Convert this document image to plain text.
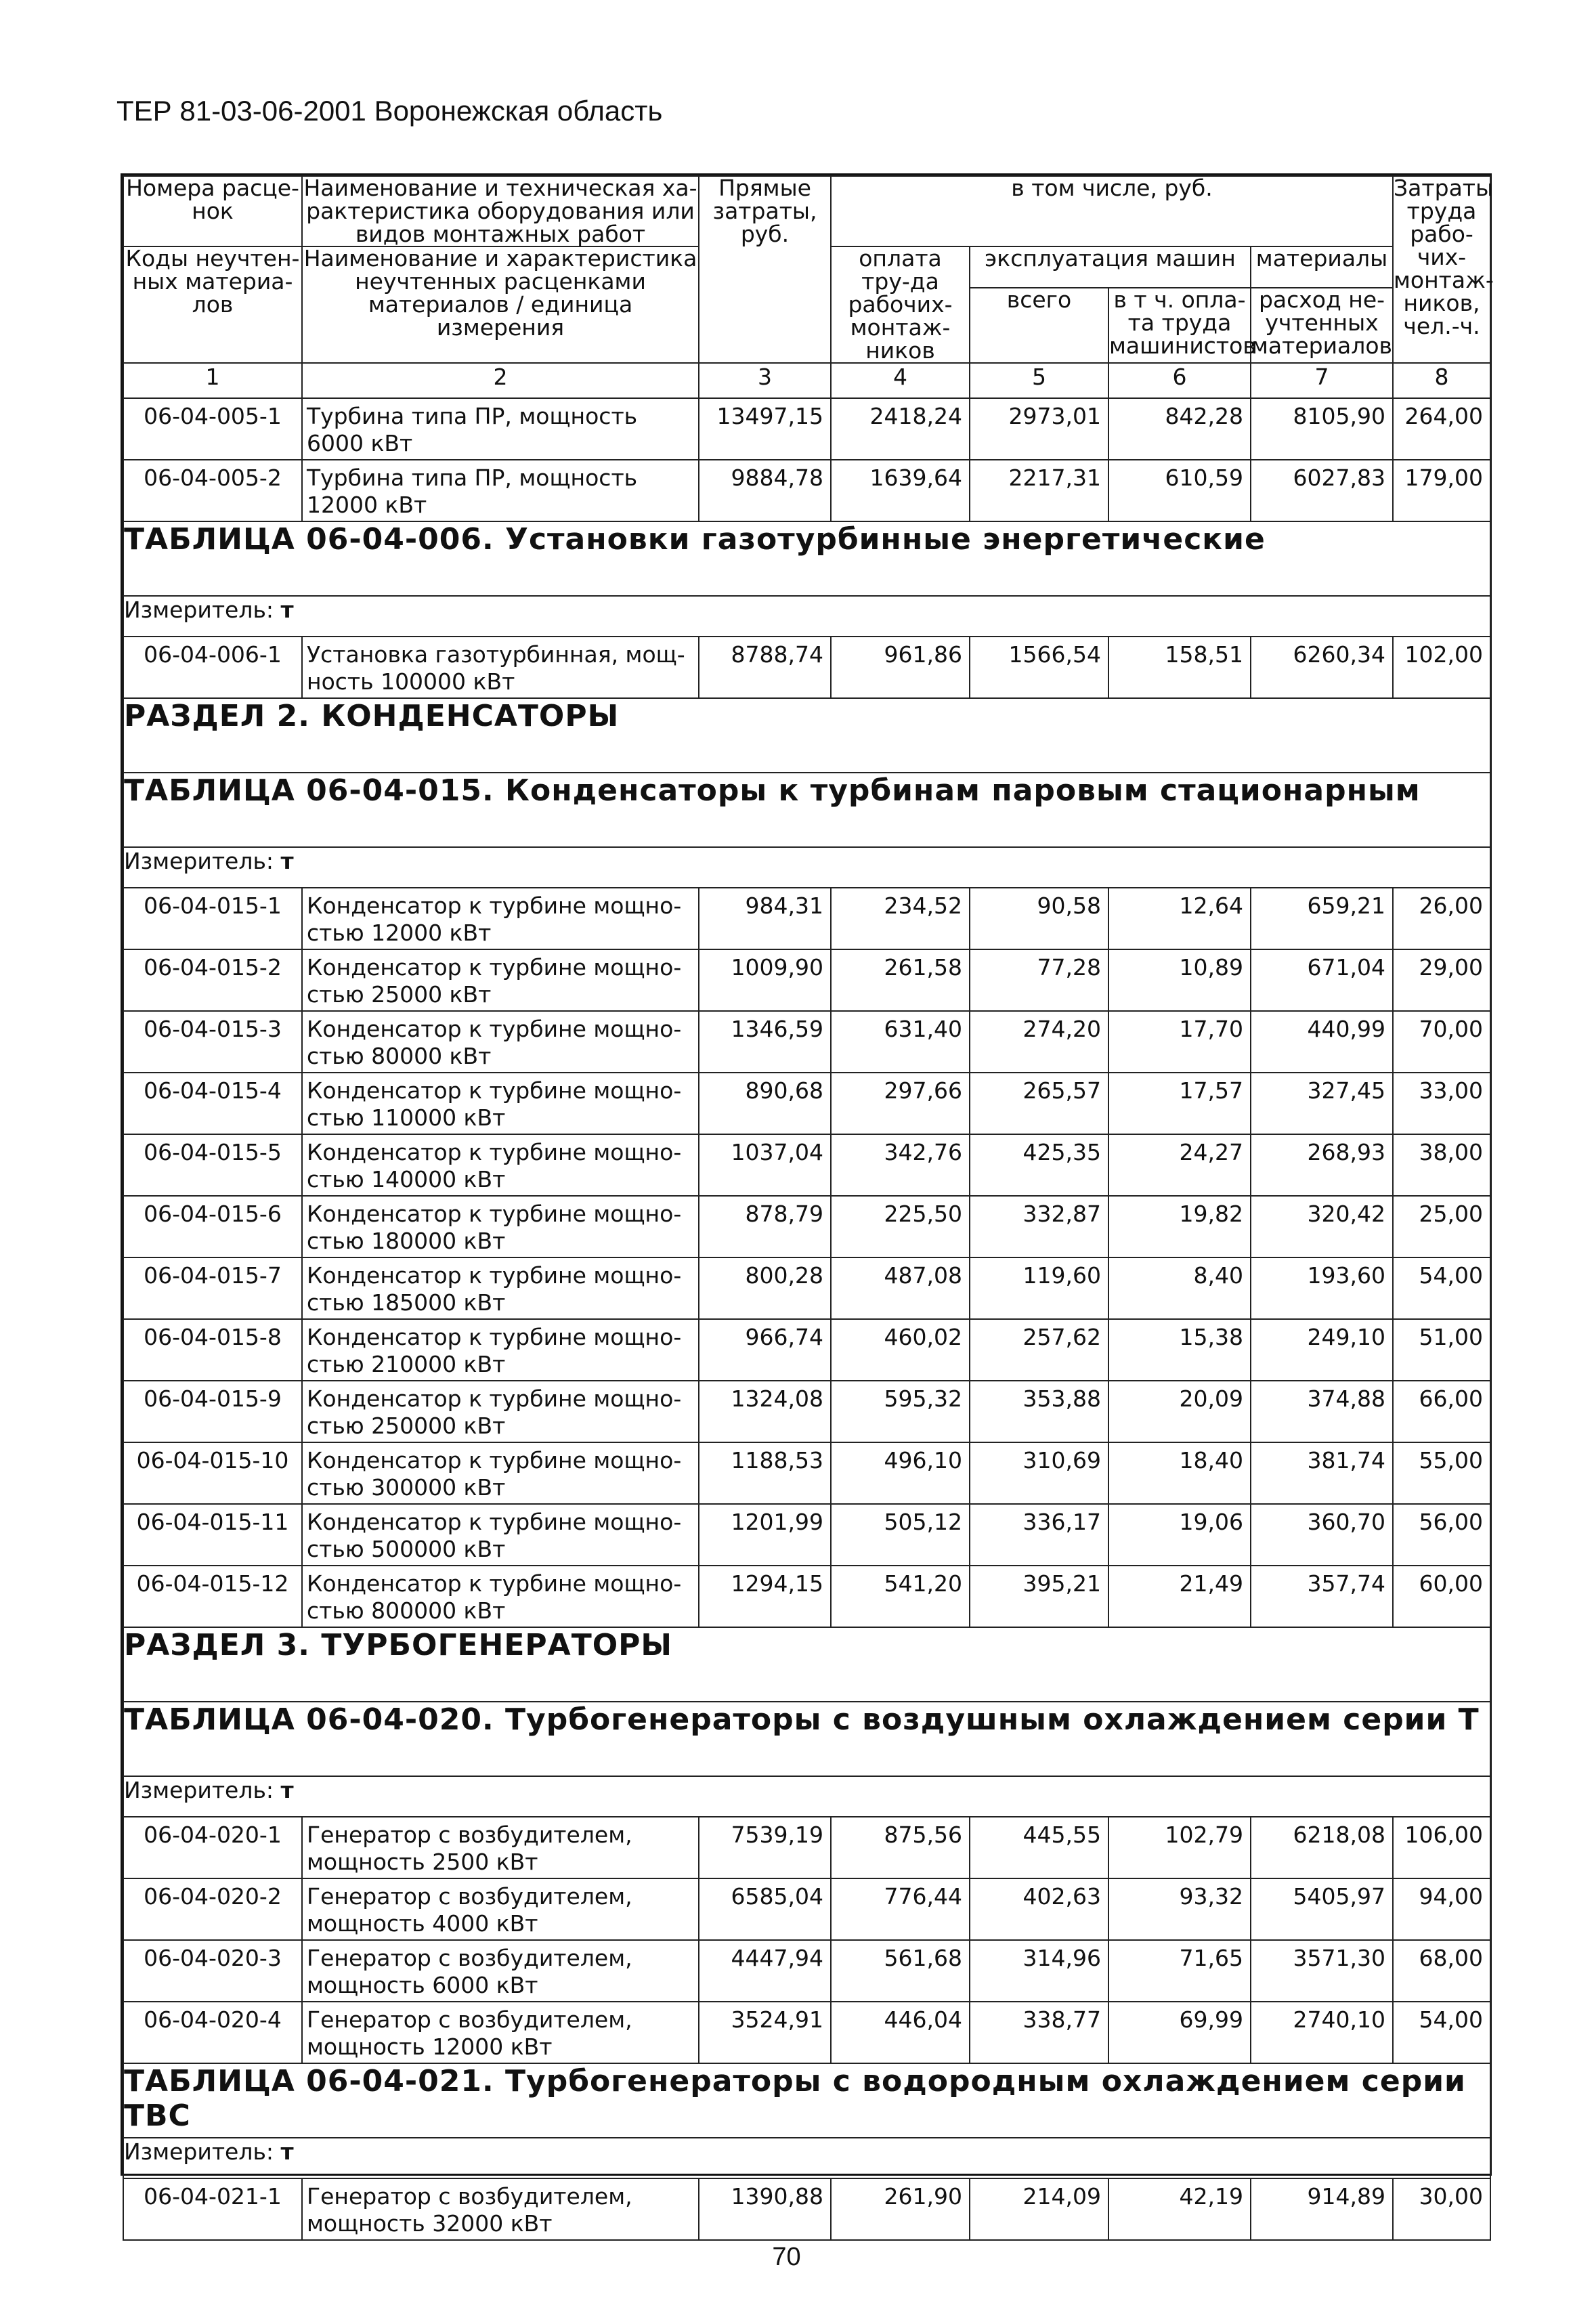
ТЕР 81-03-06-2001 Воронежская область
Номера расце-нок	Наименование и техническая ха-рактеристика оборудования или видов монтажных работ	Прямые затраты, руб.	в том числе, руб.				Затраты труда рабо-чих-монтаж-ников, чел.-ч.
Коды неучтен-ных материа-лов	Наименование и характеристика неучтенных расценками материалов / единица измерения		оплата тру-да рабочих-монтаж-ников	эксплуатация машин		материалы	
				всего	в т ч. опла-та труда машинистов	расход не-учтенных материалов	
1	2	3	4	5	6	7	8
06-04-005-1	Турбина типа ПР, мощность 6000 кВт	13497,15	2418,24	2973,01	842,28	8105,90	264,00
06-04-005-2	Турбина типа ПР, мощность 12000 кВт	9884,78	1639,64	2217,31	610,59	6027,83	179,00
ТАБЛИЦА 06-04-006. Установки газотурбинные энергетические							
Измеритель: т							
06-04-006-1	Установка газотурбинная, мощ-ность 100000 кВт	8788,74	961,86	1566,54	158,51	6260,34	102,00
РАЗДЕЛ 2. КОНДЕНСАТОРЫ							
ТАБЛИЦА 06-04-015. Конденсаторы к турбинам паровым стационарным							
Измеритель: т							
06-04-015-1	Конденсатор к турбине мощно-стью 12000 кВт	984,31	234,52	90,58	12,64	659,21	26,00
06-04-015-2	Конденсатор к турбине мощно-стью 25000 кВт	1009,90	261,58	77,28	10,89	671,04	29,00
06-04-015-3	Конденсатор к турбине мощно-стью 80000 кВт	1346,59	631,40	274,20	17,70	440,99	70,00
06-04-015-4	Конденсатор к турбине мощно-стью 110000 кВт	890,68	297,66	265,57	17,57	327,45	33,00
06-04-015-5	Конденсатор к турбине мощно-стью 140000 кВт	1037,04	342,76	425,35	24,27	268,93	38,00
06-04-015-6	Конденсатор к турбине мощно-стью 180000 кВт	878,79	225,50	332,87	19,82	320,42	25,00
06-04-015-7	Конденсатор к турбине мощно-стью 185000 кВт	800,28	487,08	119,60	8,40	193,60	54,00
06-04-015-8	Конденсатор к турбине мощно-стью 210000 кВт	966,74	460,02	257,62	15,38	249,10	51,00
06-04-015-9	Конденсатор к турбине мощно-стью 250000 кВт	1324,08	595,32	353,88	20,09	374,88	66,00
06-04-015-10	Конденсатор к турбине мощно-стью 300000 кВт	1188,53	496,10	310,69	18,40	381,74	55,00
06-04-015-11	Конденсатор к турбине мощно-стью 500000 кВт	1201,99	505,12	336,17	19,06	360,70	56,00
06-04-015-12	Конденсатор к турбине мощно-стью 800000 кВт	1294,15	541,20	395,21	21,49	357,74	60,00
РАЗДЕЛ 3. ТУРБОГЕНЕРАТОРЫ							
ТАБЛИЦА 06-04-020. Турбогенераторы с воздушным охлаждением серии Т							
Измеритель: т							
06-04-020-1	Генератор с возбудителем, мощность 2500 кВт	7539,19	875,56	445,55	102,79	6218,08	106,00
06-04-020-2	Генератор с возбудителем, мощность 4000 кВт	6585,04	776,44	402,63	93,32	5405,97	94,00
06-04-020-3	Генератор с возбудителем, мощность 6000 кВт	4447,94	561,68	314,96	71,65	3571,30	68,00
06-04-020-4	Генератор с возбудителем, мощность 12000 кВт	3524,91	446,04	338,77	69,99	2740,10	54,00
ТАБЛИЦА 06-04-021. Турбогенераторы с водородным охлаждением серии ТВС							
Измеритель: т							
06-04-021-1	Генератор с возбудителем, мощность 32000 кВт	1390,88	261,90	214,09	42,19	914,89	30,00
70
